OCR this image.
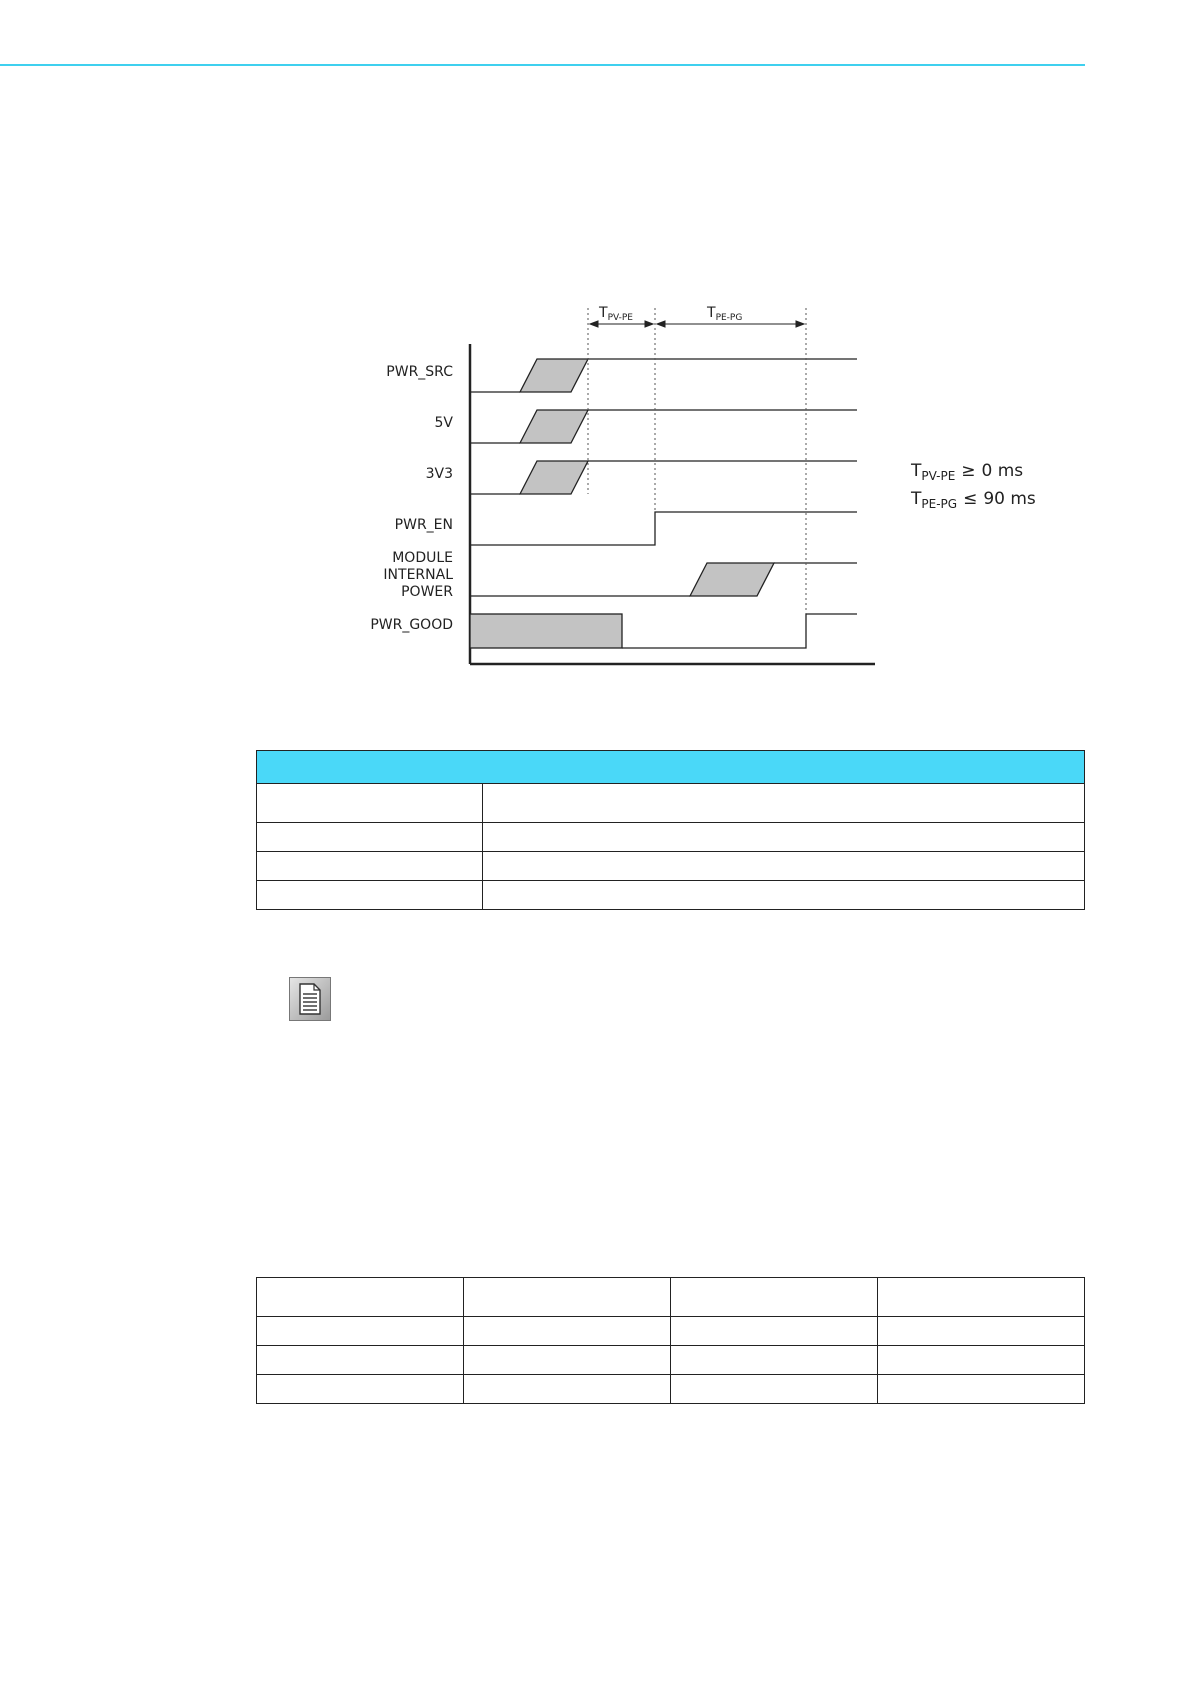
PWR_SRC
5V
3V3
PWR_EN
MODULE
INTERNAL
POWER
PWR_GOOD
$T_{PV-PE}$	$T_{PE-PG}$
$T_{PV-PE} \ge 0$ ms
$T_{PE-PG} \le 90$ ms
